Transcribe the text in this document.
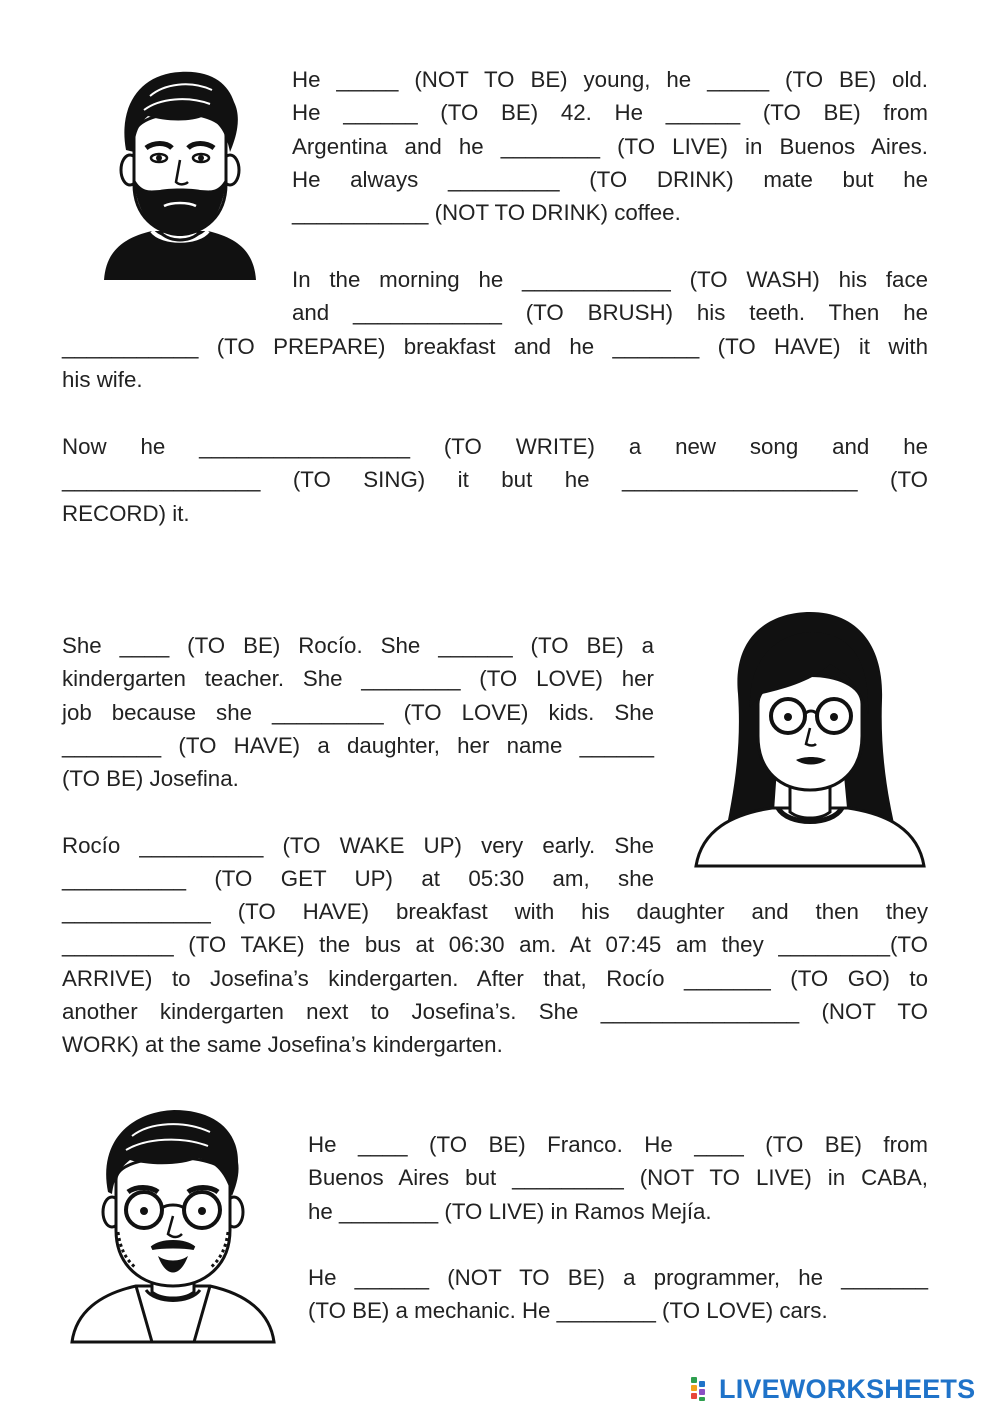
He _____ (NOT TO BE) young, he _____ (TO BE) old.
He ______ (TO BE) 42. He ______ (TO BE) from
Argentina and he ________ (TO LIVE) in Buenos Aires.
He always _________ (TO DRINK) mate but he
___________ (NOT TO DRINK) coffee.
In the morning he ____________ (TO WASH) his face
and ____________ (TO BRUSH) his teeth. Then he
___________ (TO PREPARE) breakfast and he _______ (TO HAVE) it with
his wife.
Now he _________________ (TO WRITE) a new song and he
________________ (TO SING) it but he ___________________ (TO
RECORD) it.
She ____ (TO BE) Rocío. She ______ (TO BE) a
kindergarten teacher. She ________ (TO LOVE) her
job because she _________ (TO LOVE) kids. She
________ (TO HAVE) a daughter, her name ______
(TO BE) Josefina.
Rocío __________ (TO WAKE UP) very early. She
__________ (TO GET UP) at 05:30 am, she
____________ (TO HAVE) breakfast with his daughter and then they
_________ (TO TAKE) the bus at 06:30 am. At 07:45 am they _________(TO
ARRIVE) to Josefina’s kindergarten. After that, Rocío _______ (TO GO) to
another kindergarten next to Josefina’s. She ________________ (NOT TO
WORK) at the same Josefina’s kindergarten.
He ____ (TO BE) Franco. He ____ (TO BE) from
Buenos Aires but _________ (NOT TO LIVE) in CABA,
he ________ (TO LIVE) in Ramos Mejía.
He ______ (NOT TO BE) a programmer, he _______
(TO BE) a mechanic. He ________ (TO LOVE) cars.
LIVEWORKSHEETS
